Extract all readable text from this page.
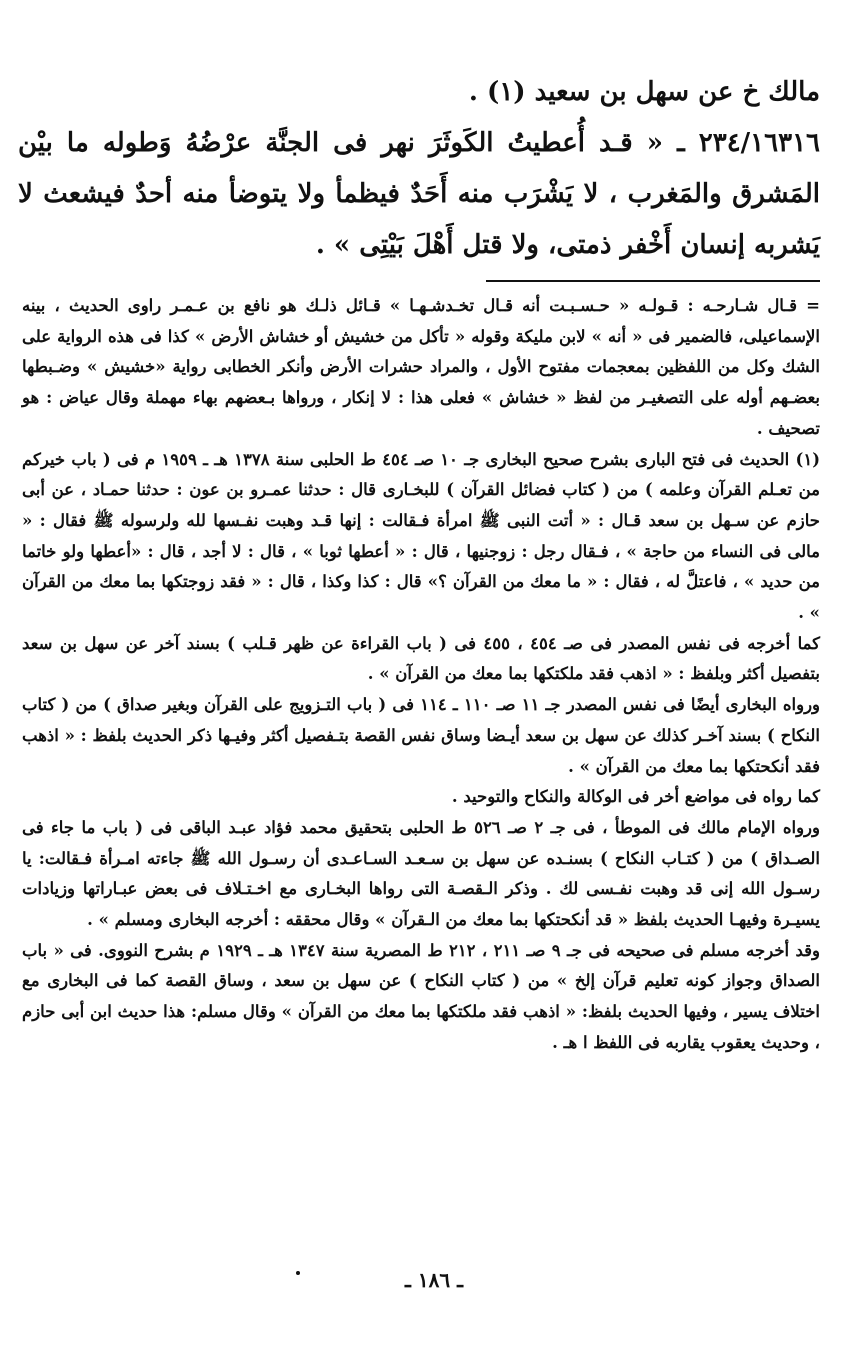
مالك خ عن سهل بن سعيد (١) .

٢٣٤/١٦٣١٦ ـ « قـد أُعطيتُ الكَوثَرَ نهر فى الجنَّة عرْضُهُ وَطوله ما بيْن المَشرق والمَغرب ، لا يَشْرَب منه أَحَدٌ فيظمأ ولا يتوضأ منه أحدٌ فيشعث لا يَشربه إنسان أَخْفر ذمتى، ولا قتل أَهْلَ بَيْتِى » .

= قـال شـارحـه : قـولـه « حـسـبـت أنه قـال تخـدشـهـا » قـائل ذلـك هو نافع بن عـمـر راوى الحديث ، بينه الإسماعيلى، فالضمير فى « أنه » لابن مليكة وقوله « تأكل من خشيش أو خشاش الأرض » كذا فى هذه الرواية على الشك وكل من اللفظين بمعجمات مفتوح الأول ، والمراد حشرات الأرض وأنكر الخطابى رواية «خشيش » وضـبطها بعضـهم أوله على التصغيـر من لفظ « خشاش » فعلى هذا : لا إنكار ، ورواها بـعضهم بهاء مهملة وقال عياض : هو تصحيف .

(١) الحديث فى فتح البارى بشرح صحيح البخارى جـ ١٠ صـ ٤٥٤ ط الحلبى سنة ١٣٧٨ هـ ـ ١٩٥٩ م فى ( باب خيركم من تعـلم القرآن وعلمه ) من ( كتاب فضائل القرآن ) للبخـارى قال : حدثنا عمـرو بن عون : حدثنا حمـاد ، عن أبى حازم عن سـهل بن سعد قـال : « أتت النبى ﷺ امرأة فـقالت : إنها قـد وهبت نفـسها لله ولرسوله ﷺ فقال : « مالى فى النساء من حاجة » ، فـقال رجل : زوجنيها ، قال : « أعطها ثوبا » ، قال : لا أجد ، قال : «أعطها ولو خاتما من حديد » ، فاعتلَّ له ، فقال : « ما معك من القرآن ؟» قال : كذا وكذا ، قال : « فقد زوجتكها بما معك من القرآن » .

كما أخرجه فى نفس المصدر فى صـ ٤٥٤ ، ٤٥٥ فى ( باب القراءة عن ظهر قـلب ) بسند آخر عن سهل بن سعد بتفصيل أكثر وبلفظ : « اذهب فقد ملكتكها بما معك من القرآن » .

ورواه البخارى أيضًا فى نفس المصدر جـ ١١ صـ ١١٠ ـ ١١٤ فى ( باب التـزويج على القرآن وبغير صداق ) من ( كتاب النكاح ) بسند آخـر كذلك عن سهل بن سعد أيـضا وساق نفس القصة بتـفصيل أكثر وفيـها ذكر الحديث بلفظ : « اذهب فقد أنكحتكها بما معك من القرآن » .

كما رواه فى مواضع أخر فى الوكالة والنكاح والتوحيد .

ورواه الإمام مالك فى الموطأ ، فى جـ ٢ صـ ٥٢٦ ط الحلبى بتحقيق محمد فؤاد عبـد الباقى فى ( باب ما جاء فى الصـداق ) من ( كتـاب النكاح ) بسنـده عن سهل بن سـعـد السـاعـدى أن رسـول الله ﷺ جاءته امـرأة فـقالت: يا رسـول الله إنى قد وهبت نفـسى لك . وذكر الـقصـة التى رواها البخـارى مع اخـتـلاف فى بعض عبـاراتها وزيادات يسيـرة وفيهـا الحديث بلفظ « قد أنكحتكها بما معك من الـقرآن » وقال محققه : أخرجه البخارى ومسلم » .

وقد أخرجه مسلم فى صحيحه فى جـ ٩ صـ ٢١١ ، ٢١٢ ط المصرية سنة ١٣٤٧ هـ ـ ١٩٢٩ م بشرح النووى. فى « باب الصداق وجواز كونه تعليم قرآن إلخ » من ( كتاب النكاح ) عن سهل بن سعد ، وساق القصة كما فى البخارى مع اختلاف يسير ، وفيها الحديث بلفظ: « اذهب فقد ملكتكها بما معك من القرآن » وقال مسلم: هذا حديث ابن أبى حازم ، وحديث يعقوب يقاربه فى اللفظ ا هـ .

ـ ١٨٦ ـ
